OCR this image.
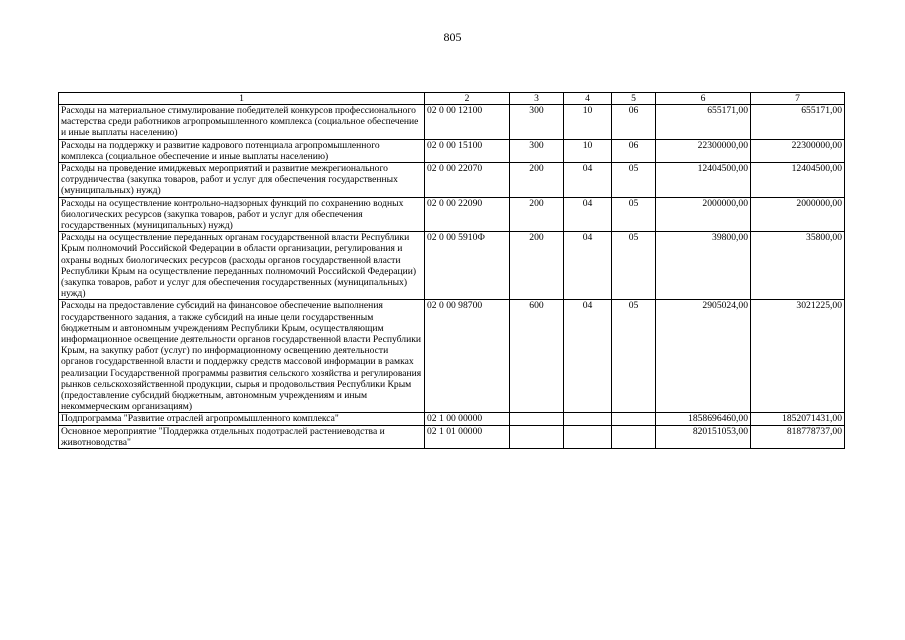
805
1	2	3	4	5	6	7
Расходы на материальное стимулирование победителей конкурсов профессионального мастерства среди работников агропромышленного комплекса (социальное обеспечение и иные выплаты населению)	02 0 00 12100	300	10	06	655171,00	655171,00
Расходы на поддержку и развитие кадрового потенциала агропромышленного комплекса (социальное обеспечение и иные выплаты населению)	02 0 00 15100	300	10	06	22300000,00	22300000,00
Расходы на проведение имиджевых мероприятий и развитие межрегионального сотрудничества (закупка товаров, работ и услуг для обеспечения государственных (муниципальных) нужд)	02 0 00 22070	200	04	05	12404500,00	12404500,00
Расходы на осуществление контрольно-надзорных функций по сохранению водных биологических ресурсов (закупка товаров, работ и услуг для обеспечения государственных (муниципальных) нужд)	02 0 00 22090	200	04	05	2000000,00	2000000,00
Расходы на осуществление переданных органам государственной власти Республики Крым полномочий Российской Федерации в области организации, регулирования и охраны водных биологических ресурсов (расходы органов государственной власти Республики Крым на осуществление переданных полномочий Российской Федерации) (закупка товаров, работ и услуг для обеспечения государственных (муниципальных) нужд)	02 0 00 5910Ф	200	04	05	39800,00	35800,00
Расходы на предоставление субсидий на финансовое обеспечение выполнения государственного задания, а также субсидий на иные цели государственным бюджетным и автономным учреждениям Республики Крым, осуществляющим информационное освещение деятельности органов государственной власти Республики Крым, на закупку работ (услуг) по информационному освещению деятельности органов государственной власти и поддержку средств массовой информации в рамках реализации Государственной программы развития сельского хозяйства и регулирования рынков сельскохозяйственной продукции, сырья и продовольствия Республики Крым (предоставление субсидий бюджетным, автономным учреждениям и иным некоммерческим организациям)	02 0 00 98700	600	04	05	2905024,00	3021225,00
Подпрограмма "Развитие отраслей агропромышленного комплекса"	02 1 00 00000				1858696460,00	1852071431,00
Основное мероприятие "Поддержка отдельных подотраслей растениеводства и животноводства"	02 1 01 00000				820151053,00	818778737,00
